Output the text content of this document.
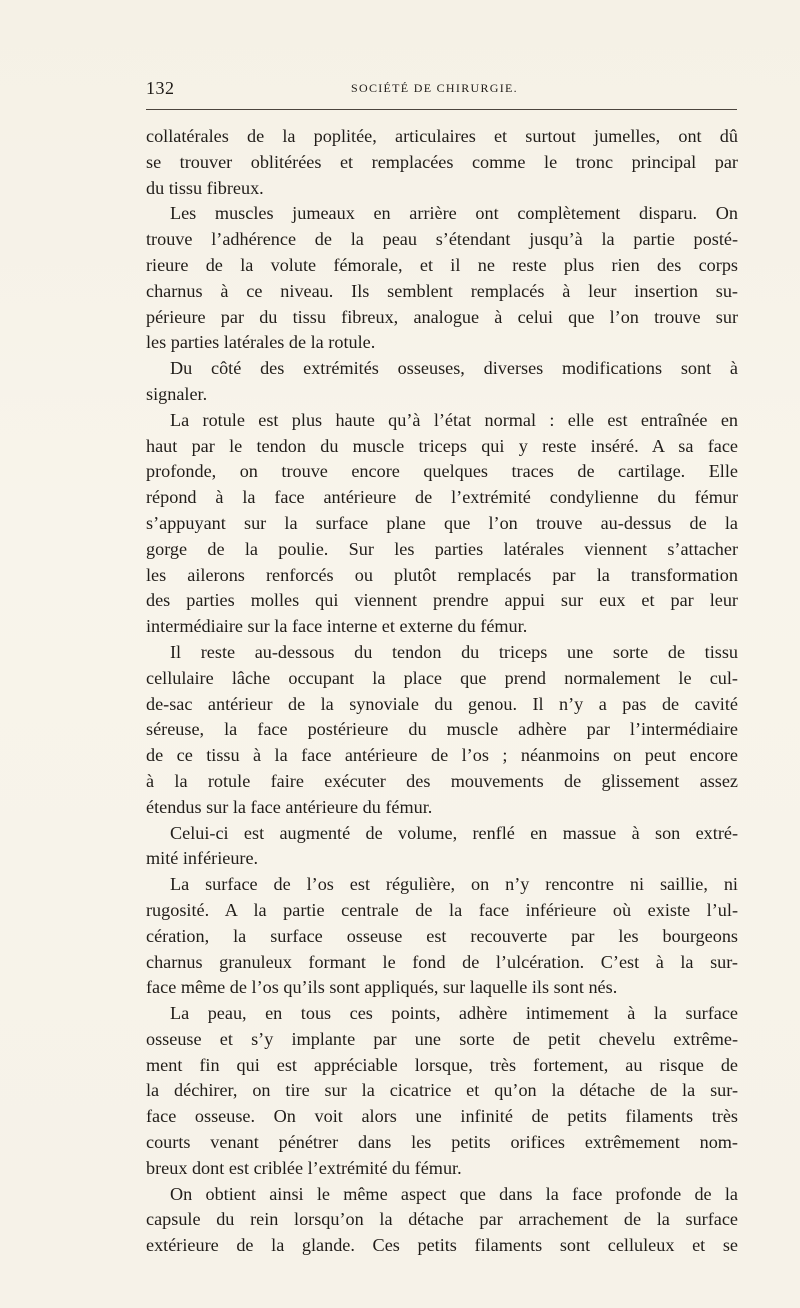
132	SOCIÉTÉ DE CHIRURGIE.
collatérales de la poplitée, articulaires et surtout jumelles, ont dû
se trouver oblitérées et remplacées comme le tronc principal par
du tissu fibreux.
Les muscles jumeaux en arrière ont complètement disparu. On
trouve l’adhérence de la peau s’étendant jusqu’à la partie posté-
rieure de la volute fémorale, et il ne reste plus rien des corps
charnus à ce niveau. Ils semblent remplacés à leur insertion su-
périeure par du tissu fibreux, analogue à celui que l’on trouve sur
les parties latérales de la rotule.
Du côté des extrémités osseuses, diverses modifications sont à
signaler.
La rotule est plus haute qu’à l’état normal : elle est entraînée en
haut par le tendon du muscle triceps qui y reste inséré. A sa face
profonde, on trouve encore quelques traces de cartilage. Elle
répond à la face antérieure de l’extrémité condylienne du fémur
s’appuyant sur la surface plane que l’on trouve au-dessus de la
gorge de la poulie. Sur les parties latérales viennent s’attacher
les ailerons renforcés ou plutôt remplacés par la transformation
des parties molles qui viennent prendre appui sur eux et par leur
intermédiaire sur la face interne et externe du fémur.
Il reste au-dessous du tendon du triceps une sorte de tissu
cellulaire lâche occupant la place que prend normalement le cul-
de-sac antérieur de la synoviale du genou. Il n’y a pas de cavité
séreuse, la face postérieure du muscle adhère par l’intermédiaire
de ce tissu à la face antérieure de l’os ; néanmoins on peut encore
à la rotule faire exécuter des mouvements de glissement assez
étendus sur la face antérieure du fémur.
Celui-ci est augmenté de volume, renflé en massue à son extré-
mité inférieure.
La surface de l’os est régulière, on n’y rencontre ni saillie, ni
rugosité. A la partie centrale de la face inférieure où existe l’ul-
cération, la surface osseuse est recouverte par les bourgeons
charnus granuleux formant le fond de l’ulcération. C’est à la sur-
face même de l’os qu’ils sont appliqués, sur laquelle ils sont nés.
La peau, en tous ces points, adhère intimement à la surface
osseuse et s’y implante par une sorte de petit chevelu extrême-
ment fin qui est appréciable lorsque, très fortement, au risque de
la déchirer, on tire sur la cicatrice et qu’on la détache de la sur-
face osseuse. On voit alors une infinité de petits filaments très
courts venant pénétrer dans les petits orifices extrêmement nom-
breux dont est criblée l’extrémité du fémur.
On obtient ainsi le même aspect que dans la face profonde de la
capsule du rein lorsqu’on la détache par arrachement de la surface
extérieure de la glande. Ces petits filaments sont celluleux et se
